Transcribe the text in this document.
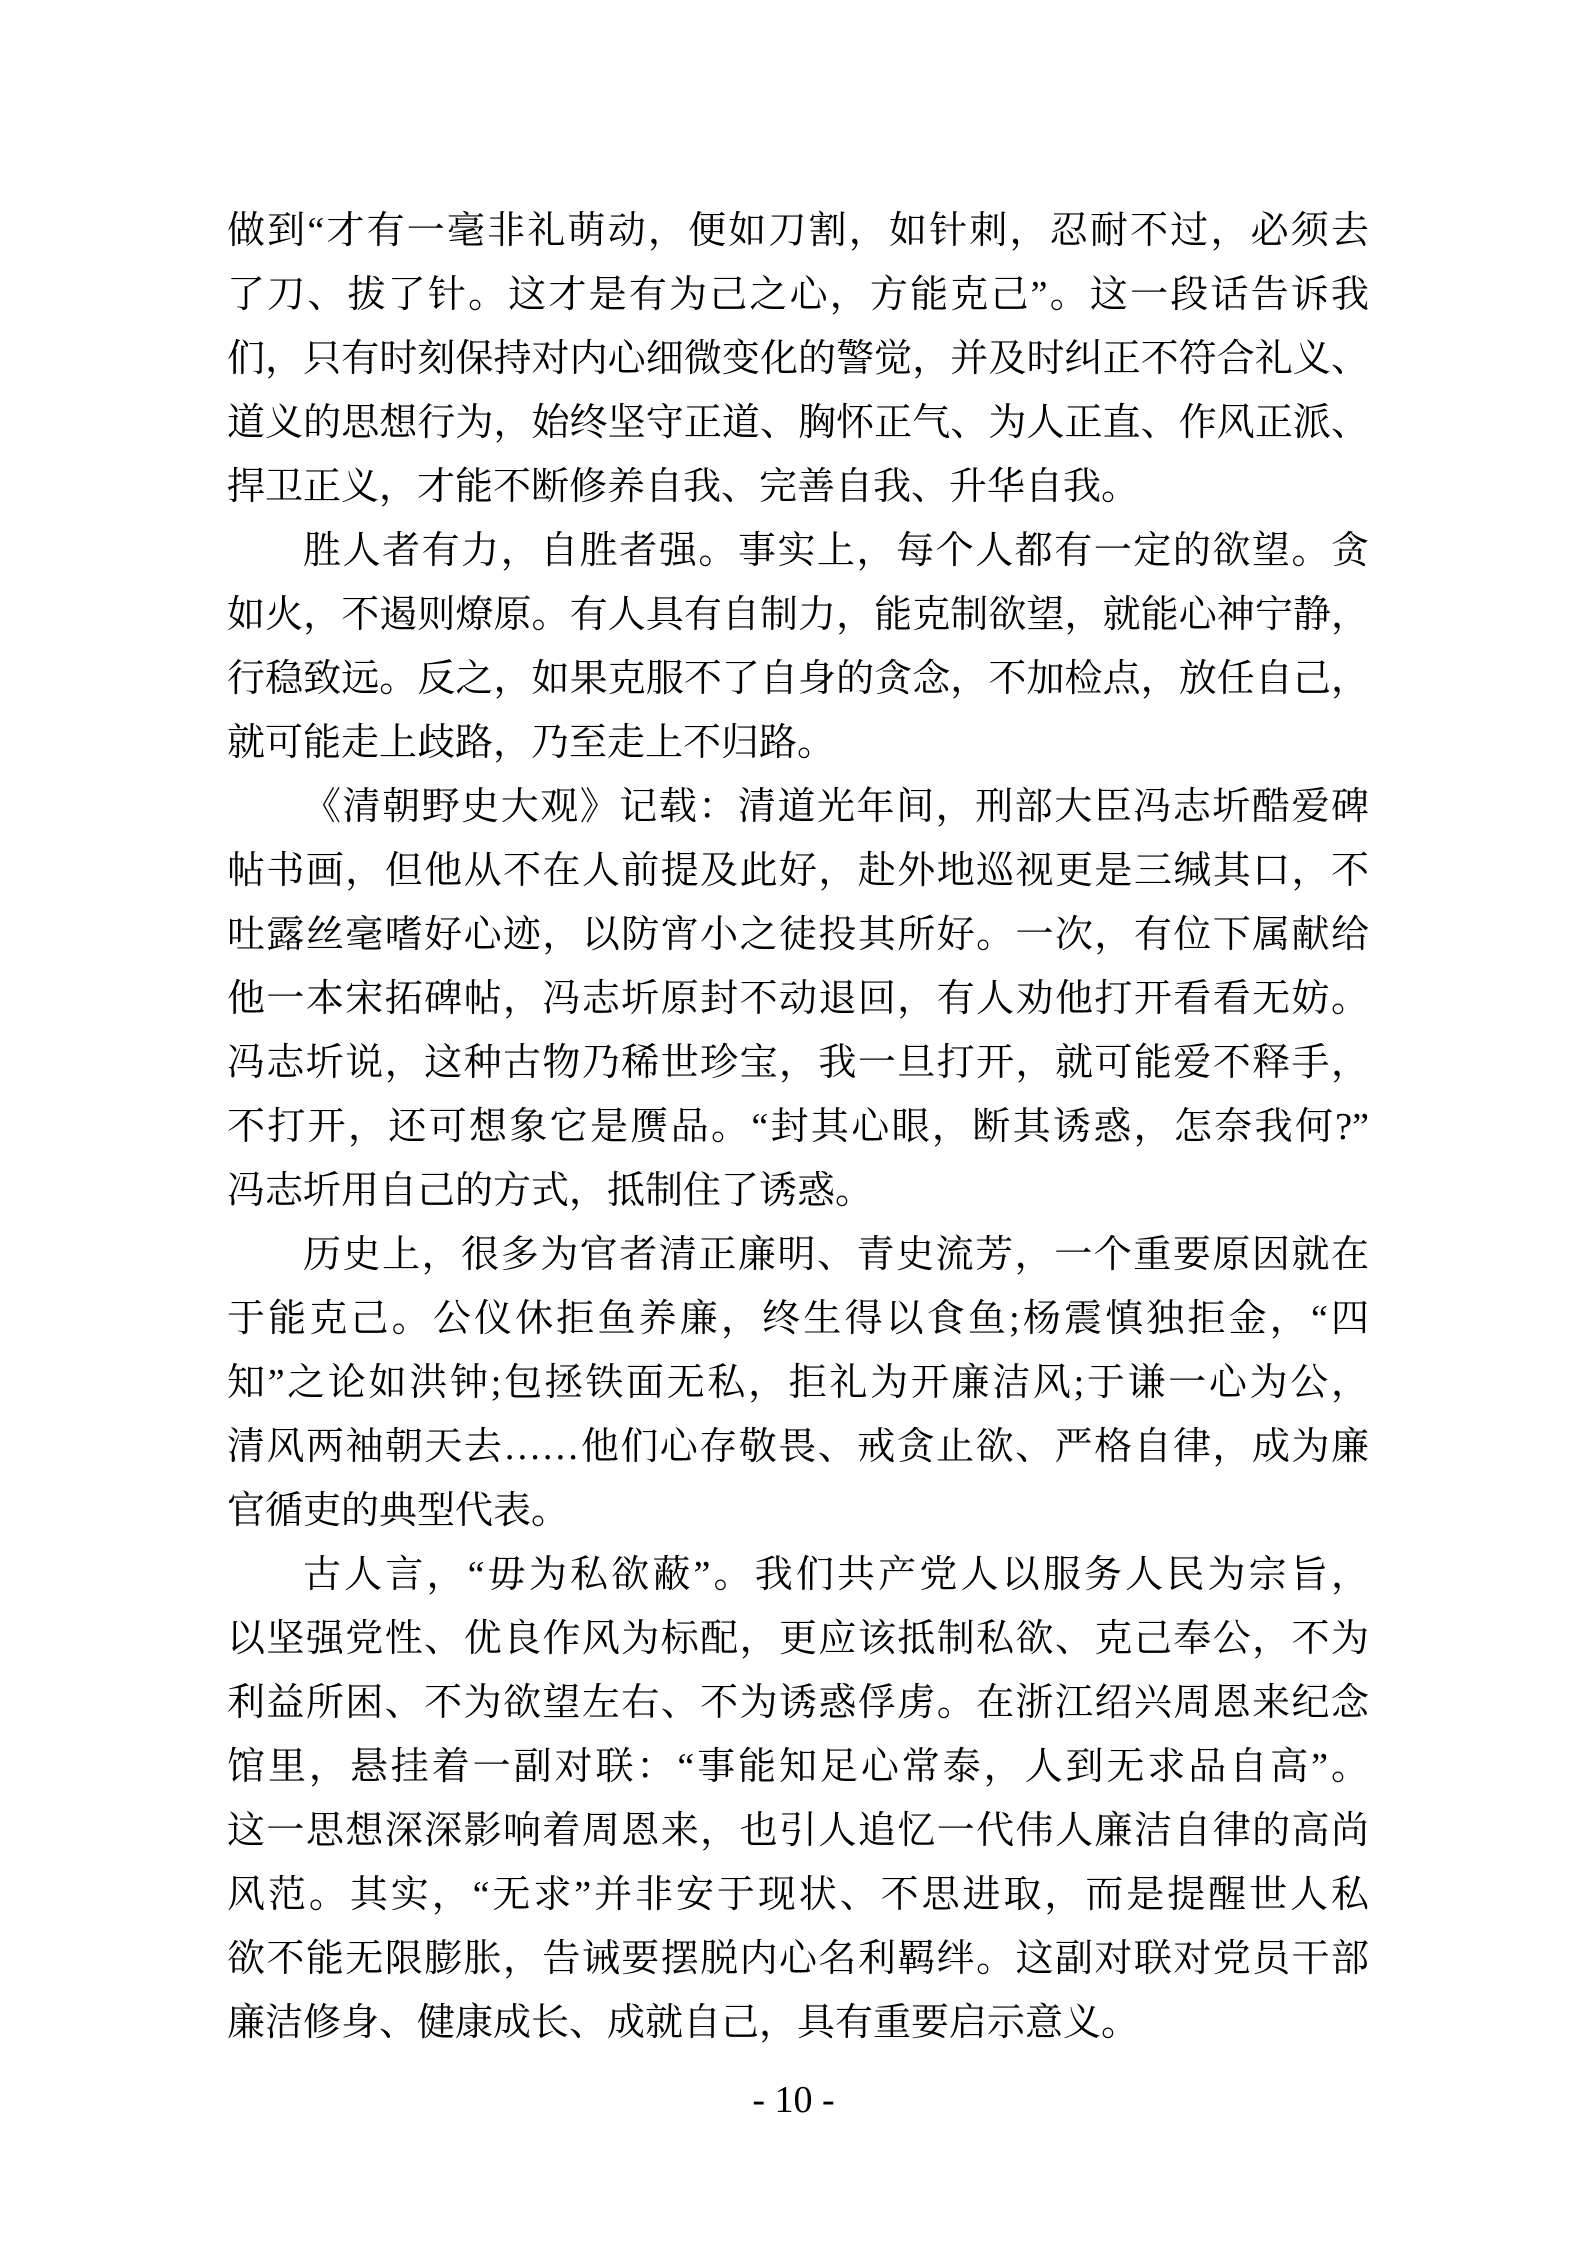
做到“才有一毫非礼萌动，便如刀割，如针刺，忍耐不过，必须去
了刀、拔了针。这才是有为己之心，方能克己”。这一段话告诉我
们，只有时刻保持对内心细微变化的警觉，并及时纠正不符合礼义、
道义的思想行为，始终坚守正道、胸怀正气、为人正直、作风正派、
捍卫正义，才能不断修养自我、完善自我、升华自我。
胜人者有力，自胜者强。事实上，每个人都有一定的欲望。贪
如火，不遏则燎原。有人具有自制力，能克制欲望，就能心神宁静，
行稳致远。反之，如果克服不了自身的贪念，不加检点，放任自己，
就可能走上歧路，乃至走上不归路。
《清朝野史大观》记载：清道光年间，刑部大臣冯志圻酷爱碑
帖书画，但他从不在人前提及此好，赴外地巡视更是三缄其口，不
吐露丝毫嗜好心迹，以防宵小之徒投其所好。一次，有位下属献给
他一本宋拓碑帖，冯志圻原封不动退回，有人劝他打开看看无妨。
冯志圻说，这种古物乃稀世珍宝，我一旦打开，就可能爱不释手，
不打开，还可想象它是赝品。“封其心眼，断其诱惑，怎奈我何?”
冯志圻用自己的方式，抵制住了诱惑。
历史上，很多为官者清正廉明、青史流芳，一个重要原因就在
于能克己。公仪休拒鱼养廉，终生得以食鱼;杨震慎独拒金，“四
知”之论如洪钟;包拯铁面无私，拒礼为开廉洁风;于谦一心为公，
清风两袖朝天去……他们心存敬畏、戒贪止欲、严格自律，成为廉
官循吏的典型代表。
古人言，“毋为私欲蔽”。我们共产党人以服务人民为宗旨，
以坚强党性、优良作风为标配，更应该抵制私欲、克己奉公，不为
利益所困、不为欲望左右、不为诱惑俘虏。在浙江绍兴周恩来纪念
馆里，悬挂着一副对联：“事能知足心常泰，人到无求品自高”。
这一思想深深影响着周恩来，也引人追忆一代伟人廉洁自律的高尚
风范。其实，“无求”并非安于现状、不思进取，而是提醒世人私
欲不能无限膨胀，告诫要摆脱内心名利羁绊。这副对联对党员干部
廉洁修身、健康成长、成就自己，具有重要启示意义。
- 10 -
